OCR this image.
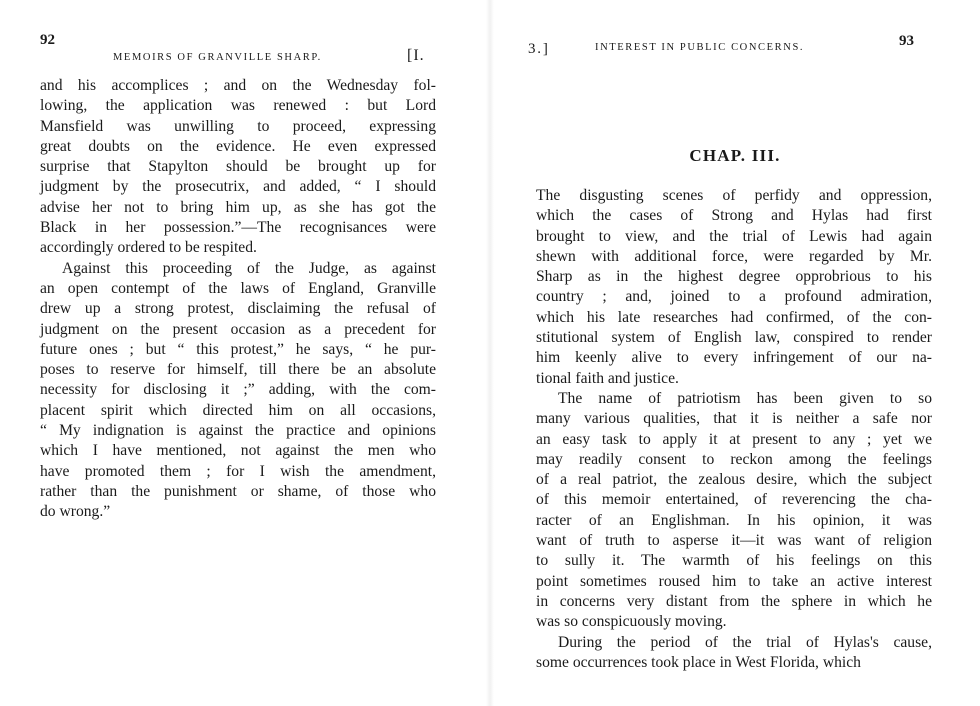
92
MEMOIRS OF GRANVILLE SHARP.	[I.
and his accomplices ; and on the Wednesday fol-
lowing, the application was renewed : but Lord
Mansfield was unwilling to proceed, expressing
great doubts on the evidence. He even expressed
surprise that Stapylton should be brought up for
judgment by the prosecutrix, and added, “ I should
advise her not to bring him up, as she has got the
Black in her possession.”—The recognisances were
accordingly ordered to be respited.
Against this proceeding of the Judge, as against
an open contempt of the laws of England, Granville
drew up a strong protest, disclaiming the refusal of
judgment on the present occasion as a precedent for
future ones ; but “ this protest,” he says, “ he pur-
poses to reserve for himself, till there be an absolute
necessity for disclosing it ;” adding, with the com-
placent spirit which directed him on all occasions,
“ My indignation is against the practice and opinions
which I have mentioned, not against the men who
have promoted them ; for I wish the amendment,
rather than the punishment or shame, of those who
do wrong.”
3.]	INTEREST IN PUBLIC CONCERNS.	93
CHAP. III.
The disgusting scenes of perfidy and oppression,
which the cases of Strong and Hylas had first
brought to view, and the trial of Lewis had again
shewn with additional force, were regarded by Mr.
Sharp as in the highest degree opprobrious to his
country ; and, joined to a profound admiration,
which his late researches had confirmed, of the con-
stitutional system of English law, conspired to render
him keenly alive to every infringement of our na-
tional faith and justice.
The name of patriotism has been given to so
many various qualities, that it is neither a safe nor
an easy task to apply it at present to any ; yet we
may readily consent to reckon among the feelings
of a real patriot, the zealous desire, which the subject
of this memoir entertained, of reverencing the cha-
racter of an Englishman. In his opinion, it was
want of truth to asperse it—it was want of religion
to sully it. The warmth of his feelings on this
point sometimes roused him to take an active interest
in concerns very distant from the sphere in which he
was so conspicuously moving.
During the period of the trial of Hylas's cause,
some occurrences took place in West Florida, which
